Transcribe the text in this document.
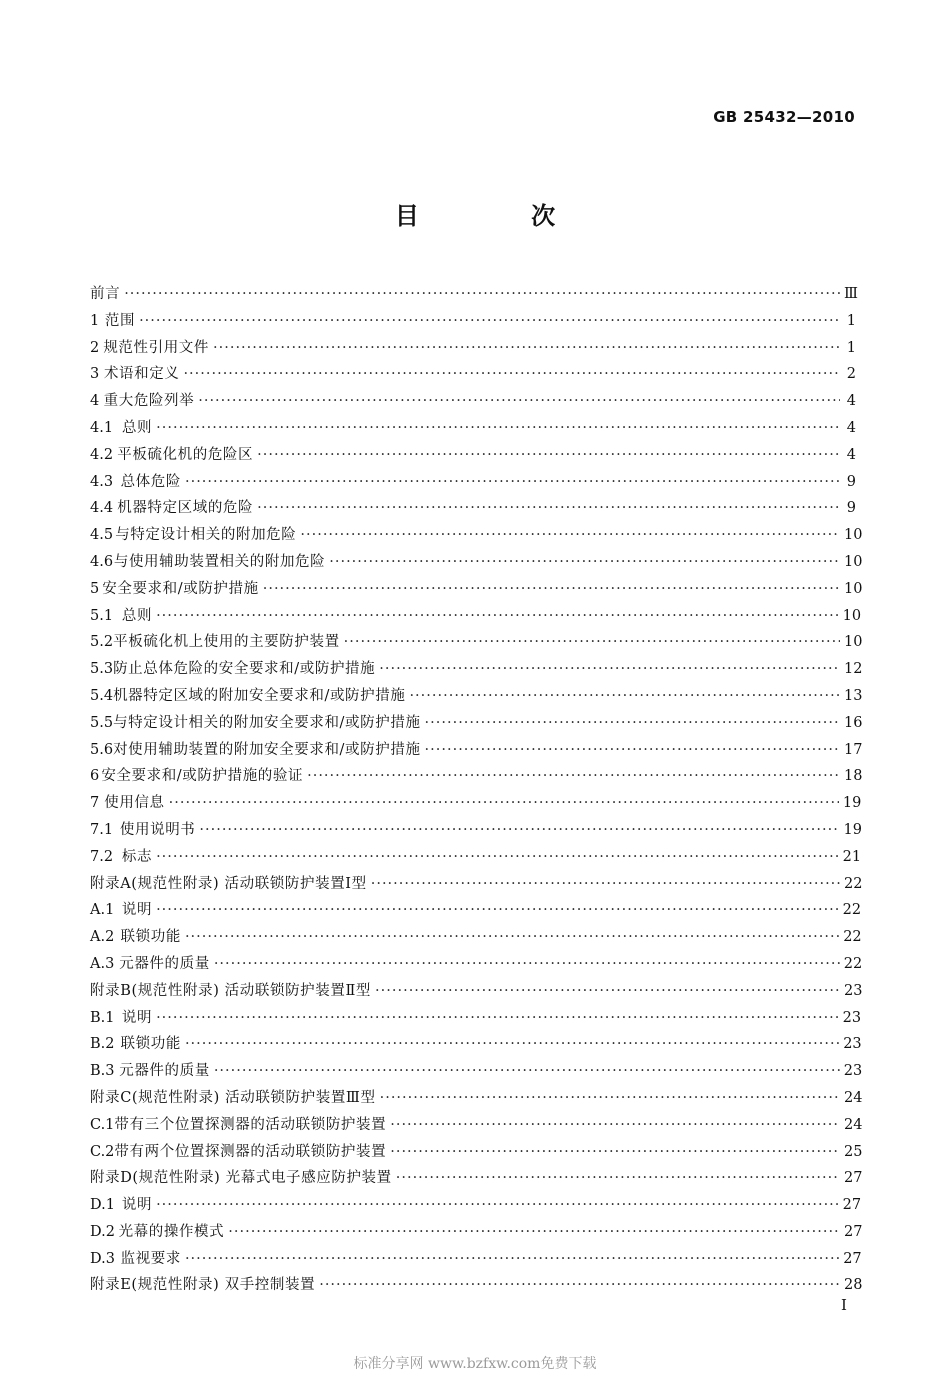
GB 25432—2010
目 次
前言 ·····	Ⅲ
1 范围 ·····	1
2 规范性引用文件 ·····	1
3 术语和定义 ·····	2
4 重大危险列举 ·····	4
4.1 总则 ·····	4
4.2 平板硫化机的危险区 ·····	4
4.3 总体危险 ·····	9
4.4 机器特定区域的危险 ·····	9
4.5 与特定设计相关的附加危险 ·····	10
4.6 与使用辅助装置相关的附加危险 ·····	10
5 安全要求和/或防护措施 ·····	10
5.1 总则 ·····	10
5.2 平板硫化机上使用的主要防护装置 ·····	10
5.3 防止总体危险的安全要求和/或防护措施 ·····	12
5.4 机器特定区域的附加安全要求和/或防护措施 ·····	13
5.5 与特定设计相关的附加安全要求和/或防护措施 ·····	16
5.6 对使用辅助装置的附加安全要求和/或防护措施 ·····	17
6 安全要求和/或防护措施的验证 ·····	18
7 使用信息 ·····	19
7.1 使用说明书 ·····	19
7.2 标志 ·····	21
附录A(规范性附录) 活动联锁防护装置Ⅰ型 ·····	22
A.1 说明 ·····	22
A.2 联锁功能 ·····	22
A.3 元器件的质量 ·····	22
附录B(规范性附录) 活动联锁防护装置Ⅱ型 ·····	23
B.1 说明 ·····	23
B.2 联锁功能 ·····	23
B.3 元器件的质量 ·····	23
附录C(规范性附录) 活动联锁防护装置Ⅲ型 ·····	24
C.1 带有三个位置探测器的活动联锁防护装置 ·····	24
C.2 带有两个位置探测器的活动联锁防护装置 ·····	25
附录D(规范性附录) 光幕式电子感应防护装置 ·····	27
D.1 说明 ·····	27
D.2 光幕的操作模式 ·····	27
D.3 监视要求 ·····	27
附录E(规范性附录) 双手控制装置 ·····	28
I
标准分享网 www.bzfxw.com免费下载
